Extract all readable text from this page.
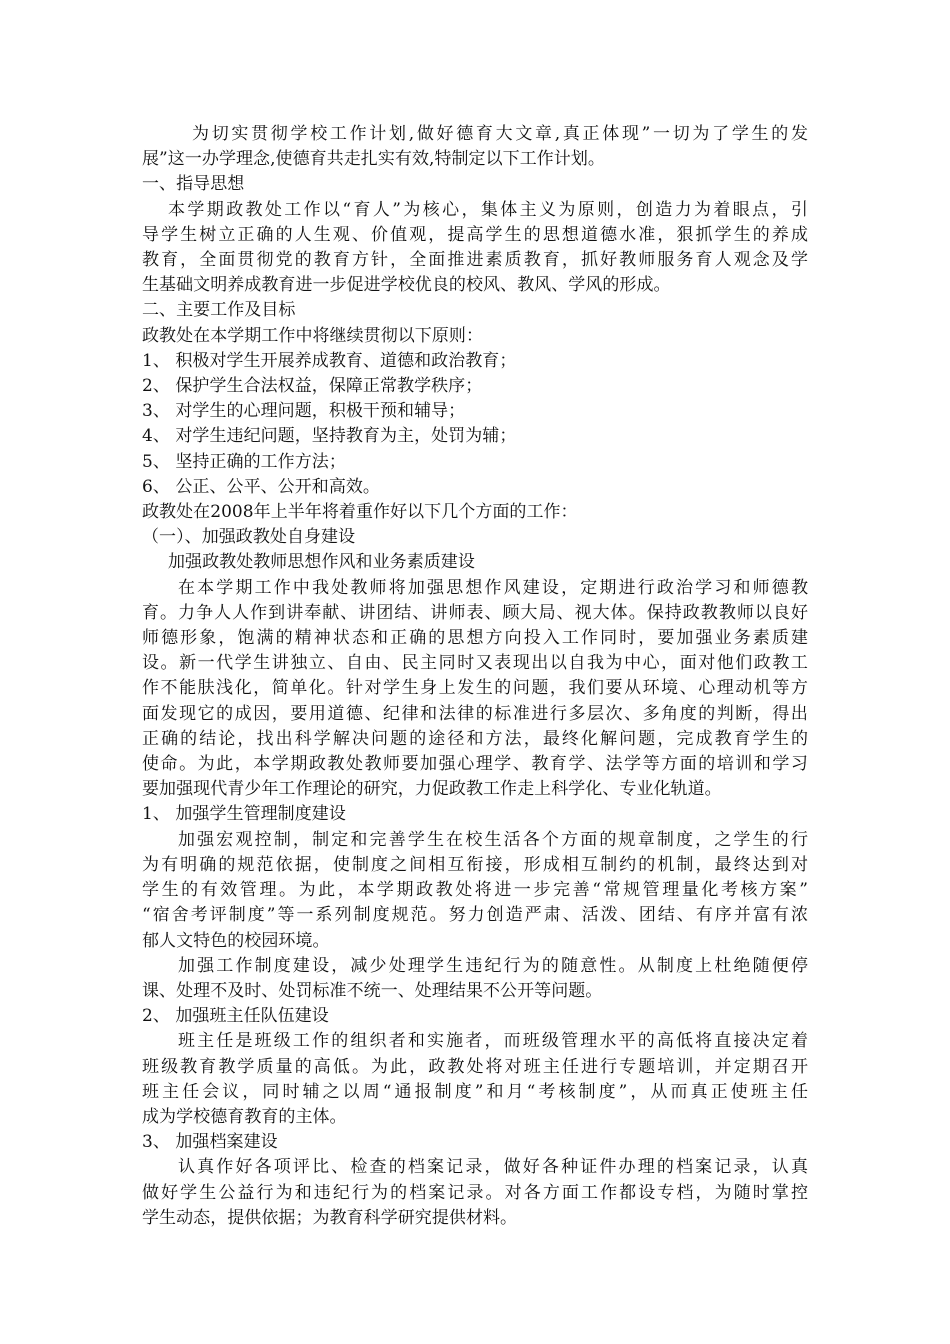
为切实贯彻学校工作计划,做好德育大文章,真正体现”一切为了学生的发
展”这一办学理念,使德育共走扎实有效,特制定以下工作计划。
一、指导思想
本学期政教处工作以“育人”为核心，集体主义为原则，创造力为着眼点，引
导学生树立正确的人生观、价值观，提高学生的思想道德水准，狠抓学生的养成
教育，全面贯彻党的教育方针，全面推进素质教育，抓好教师服务育人观念及学
生基础文明养成教育进一步促进学校优良的校风、教风、学风的形成。
二、主要工作及目标
政教处在本学期工作中将继续贯彻以下原则：
1、 积极对学生开展养成教育、道德和政治教育；
2、 保护学生合法权益，保障正常教学秩序；
3、 对学生的心理问题，积极干预和辅导；
4、 对学生违纪问题，坚持教育为主，处罚为辅；
5、 坚持正确的工作方法；
6、 公正、公平、公开和高效。
政教处在2008年上半年将着重作好以下几个方面的工作：
（一）、加强政教处自身建设
加强政教处教师思想作风和业务素质建设
在本学期工作中我处教师将加强思想作风建设，定期进行政治学习和师德教
育。力争人人作到讲奉献、讲团结、讲师表、顾大局、视大体。保持政教教师以良好
师德形象，饱满的精神状态和正确的思想方向投入工作同时，要加强业务素质建
设。新一代学生讲独立、自由、民主同时又表现出以自我为中心，面对他们政教工
作不能肤浅化，简单化。针对学生身上发生的问题，我们要从环境、心理动机等方
面发现它的成因，要用道德、纪律和法律的标准进行多层次、多角度的判断，得出
正确的结论，找出科学解决问题的途径和方法，最终化解问题，完成教育学生的
使命。为此，本学期政教处教师要加强心理学、教育学、法学等方面的培训和学习
要加强现代青少年工作理论的研究，力促政教工作走上科学化、专业化轨道。
1、 加强学生管理制度建设
加强宏观控制，制定和完善学生在校生活各个方面的规章制度，之学生的行
为有明确的规范依据，使制度之间相互衔接，形成相互制约的机制，最终达到对
学生的有效管理。为此，本学期政教处将进一步完善“常规管理量化考核方案”
“宿舍考评制度”等一系列制度规范。努力创造严肃、活泼、团结、有序并富有浓
郁人文特色的校园环境。
加强工作制度建设，减少处理学生违纪行为的随意性。从制度上杜绝随便停
课、处理不及时、处罚标准不统一、处理结果不公开等问题。
2、 加强班主任队伍建设
班主任是班级工作的组织者和实施者，而班级管理水平的高低将直接决定着
班级教育教学质量的高低。为此，政教处将对班主任进行专题培训，并定期召开
班主任会议，同时辅之以周“通报制度”和月“考核制度”，从而真正使班主任
成为学校德育教育的主体。
3、 加强档案建设
认真作好各项评比、检查的档案记录，做好各种证件办理的档案记录，认真
做好学生公益行为和违纪行为的档案记录。对各方面工作都设专档，为随时掌控
学生动态，提供依据；为教育科学研究提供材料。
